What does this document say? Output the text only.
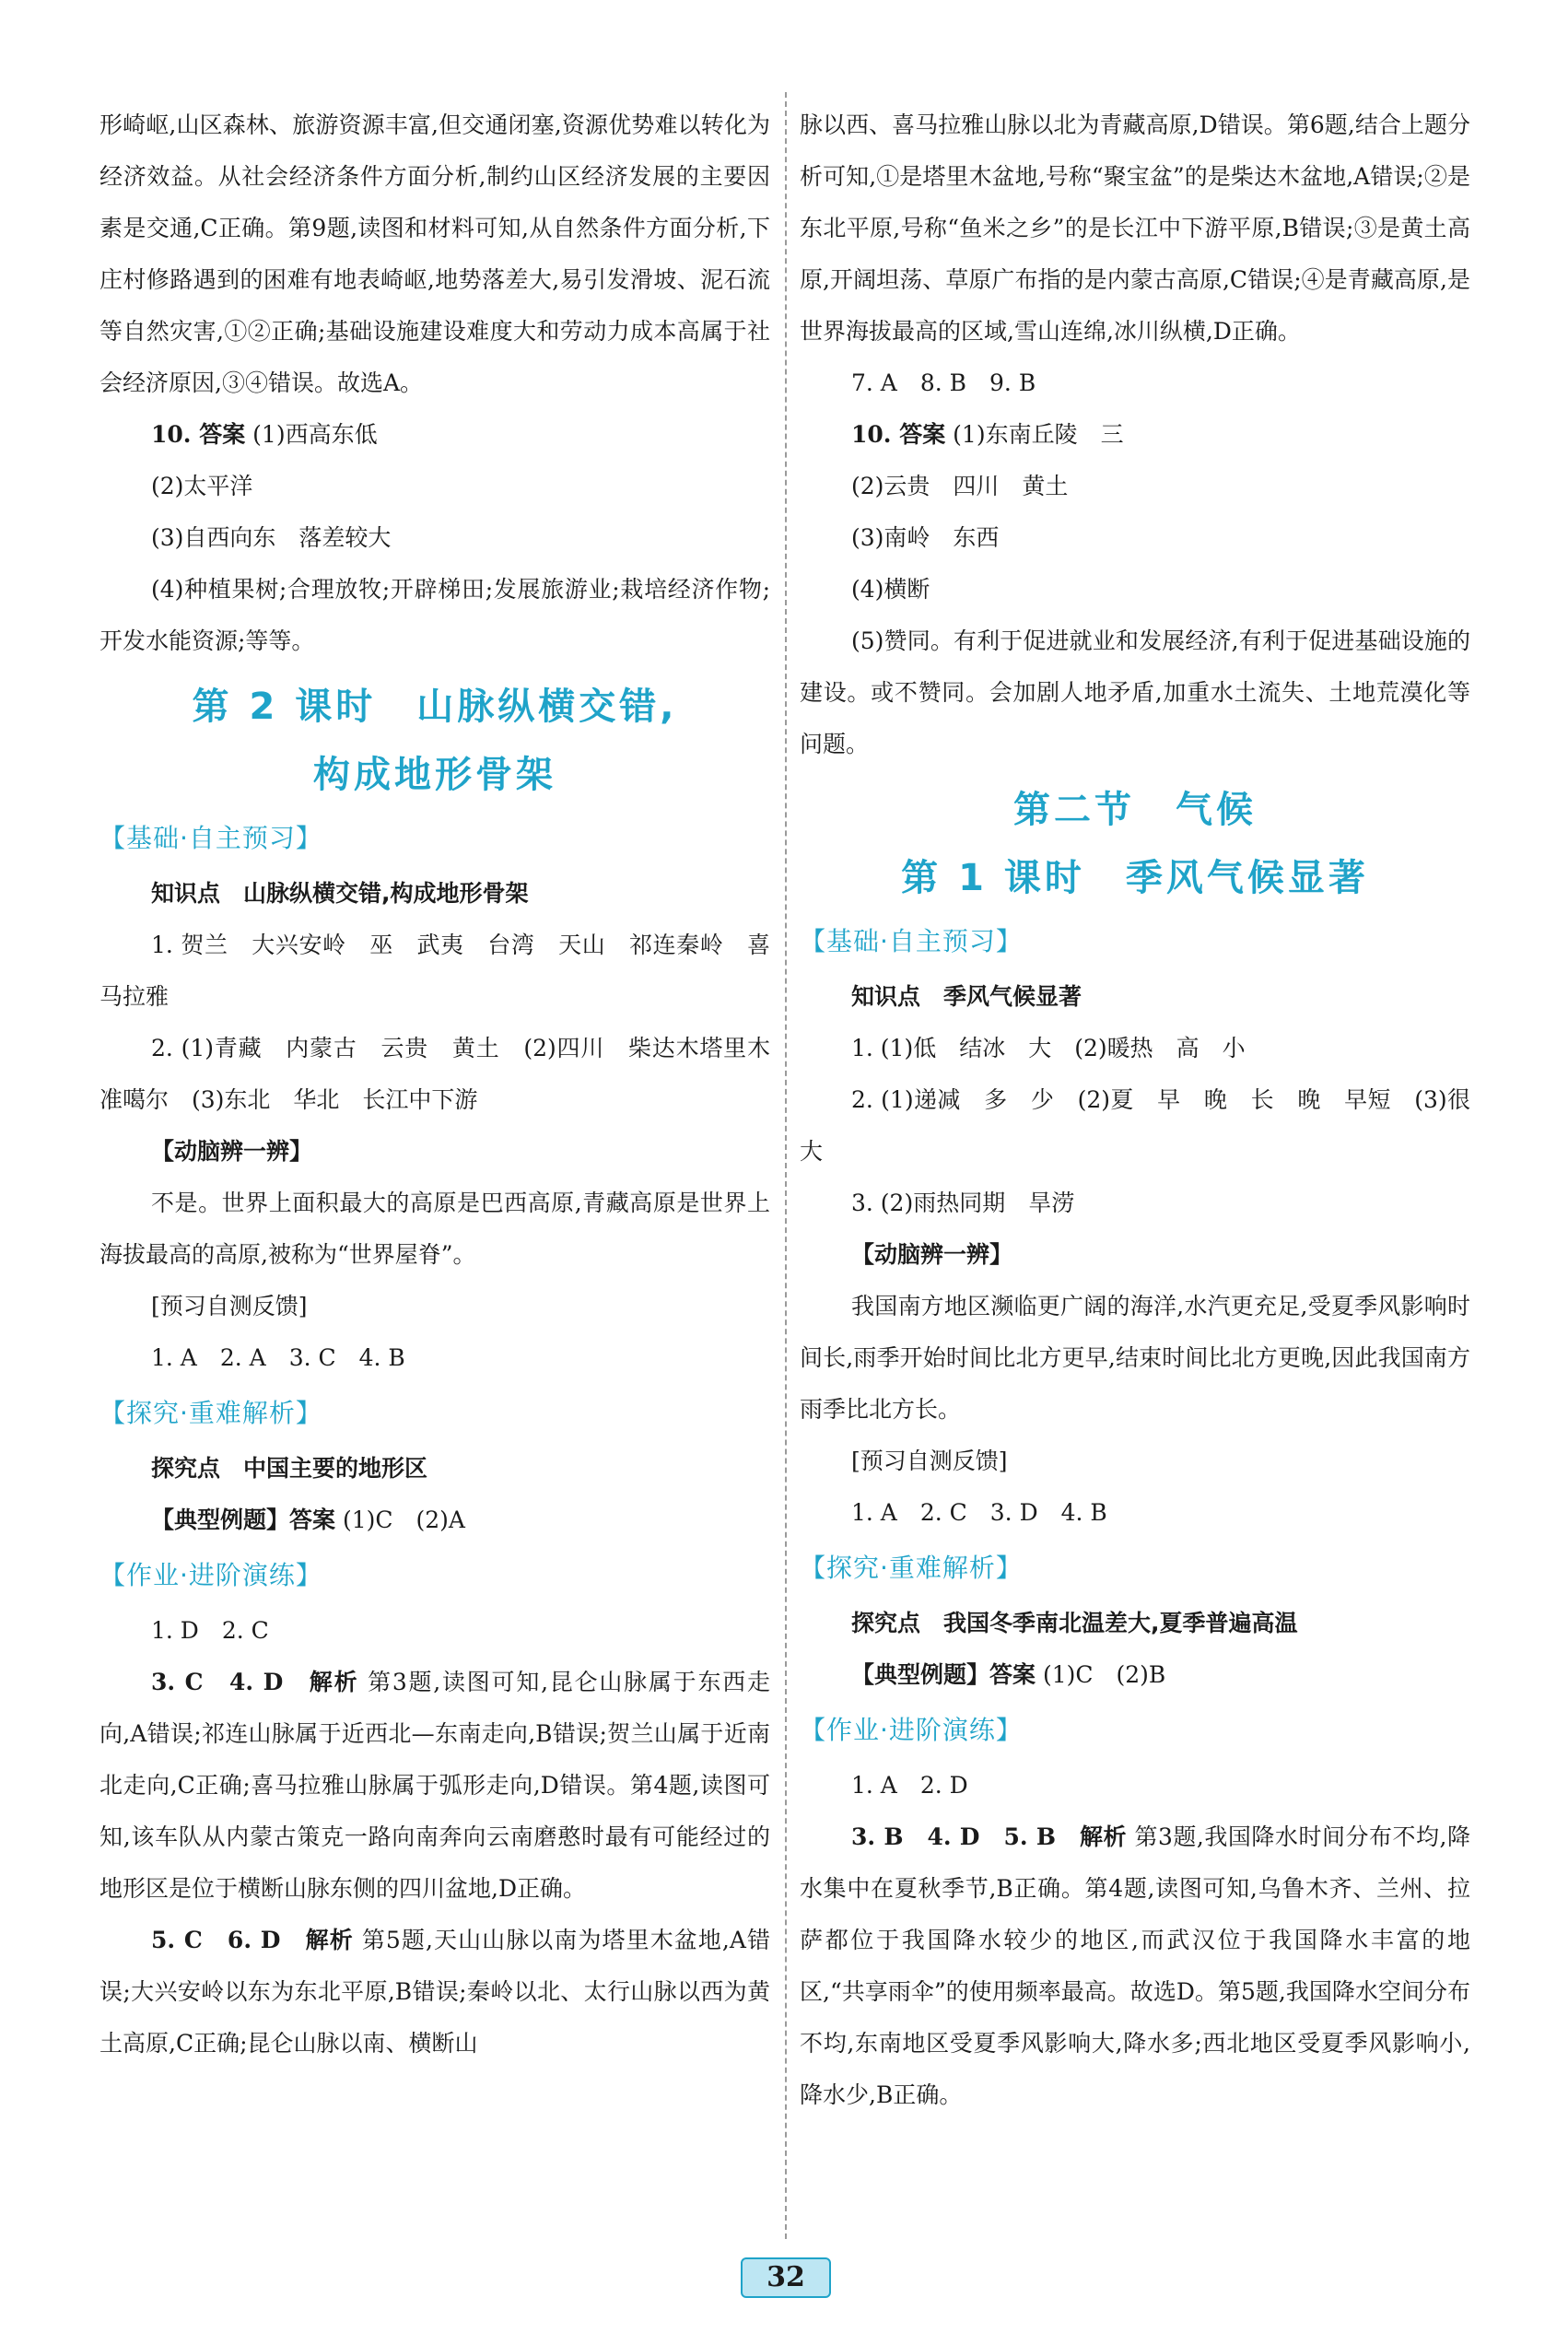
形崎岖,山区森林、旅游资源丰富,但交通闭塞,资源优势难以转化为经济效益。从社会经济条件方面分析,制约山区经济发展的主要因素是交通,C正确。第9题,读图和材料可知,从自然条件方面分析,下庄村修路遇到的困难有地表崎岖,地势落差大,易引发滑坡、泥石流等自然灾害,①②正确;基础设施建设难度大和劳动力成本高属于社会经济原因,③④错误。故选A。

10. 答案 (1)西高东低

(2)太平洋

(3)自西向东　落差较大

(4)种植果树;合理放牧;开辟梯田;发展旅游业;栽培经济作物;开发水能资源;等等。

第 2 课时　山脉纵横交错,
构成地形骨架
【基础·自主预习】

知识点　山脉纵横交错,构成地形骨架

1. 贺兰　大兴安岭　巫　武夷　台湾　天山　祁连秦岭　喜马拉雅

2. (1)青藏　内蒙古　云贵　黄土　(2)四川　柴达木塔里木　准噶尔　(3)东北　华北　长江中下游

【动脑辨一辨】

不是。世界上面积最大的高原是巴西高原,青藏高原是世界上海拔最高的高原,被称为“世界屋脊”。

[预习自测反馈]

1. A　2. A　3. C　4. B

【探究·重难解析】

探究点　中国主要的地形区

【典型例题】答案 (1)C　(2)A

【作业·进阶演练】

1. D　2. C

3. C　4. D　解析 第3题,读图可知,昆仑山脉属于东西走向,A错误;祁连山脉属于近西北—东南走向,B错误;贺兰山属于近南北走向,C正确;喜马拉雅山脉属于弧形走向,D错误。第4题,读图可知,该车队从内蒙古策克一路向南奔向云南磨憨时最有可能经过的地形区是位于横断山脉东侧的四川盆地,D正确。

5. C　6. D　解析 第5题,天山山脉以南为塔里木盆地,A错误;大兴安岭以东为东北平原,B错误;秦岭以北、太行山脉以西为黄土高原,C正确;昆仑山脉以南、横断山

脉以西、喜马拉雅山脉以北为青藏高原,D错误。第6题,结合上题分析可知,①是塔里木盆地,号称“聚宝盆”的是柴达木盆地,A错误;②是东北平原,号称“鱼米之乡”的是长江中下游平原,B错误;③是黄土高原,开阔坦荡、草原广布指的是内蒙古高原,C错误;④是青藏高原,是世界海拔最高的区域,雪山连绵,冰川纵横,D正确。

7. A　8. B　9. B

10. 答案 (1)东南丘陵　三

(2)云贵　四川　黄土

(3)南岭　东西

(4)横断

(5)赞同。有利于促进就业和发展经济,有利于促进基础设施的建设。或不赞同。会加剧人地矛盾,加重水土流失、土地荒漠化等问题。

第二节　气候
第 1 课时　季风气候显著
【基础·自主预习】

知识点　季风气候显著

1. (1)低　结冰　大　(2)暖热　高　小

2. (1)递减　多　少　(2)夏　早　晚　长　晚　早短　(3)很大

3. (2)雨热同期　旱涝

【动脑辨一辨】

我国南方地区濒临更广阔的海洋,水汽更充足,受夏季风影响时间长,雨季开始时间比北方更早,结束时间比北方更晚,因此我国南方雨季比北方长。

[预习自测反馈]

1. A　2. C　3. D　4. B

【探究·重难解析】

探究点　我国冬季南北温差大,夏季普遍高温

【典型例题】答案 (1)C　(2)B

【作业·进阶演练】

1. A　2. D

3. B　4. D　5. B　解析 第3题,我国降水时间分布不均,降水集中在夏秋季节,B正确。第4题,读图可知,乌鲁木齐、兰州、拉萨都位于我国降水较少的地区,而武汉位于我国降水丰富的地区,“共享雨伞”的使用频率最高。故选D。第5题,我国降水空间分布不均,东南地区受夏季风影响大,降水多;西北地区受夏季风影响小,降水少,B正确。

32
